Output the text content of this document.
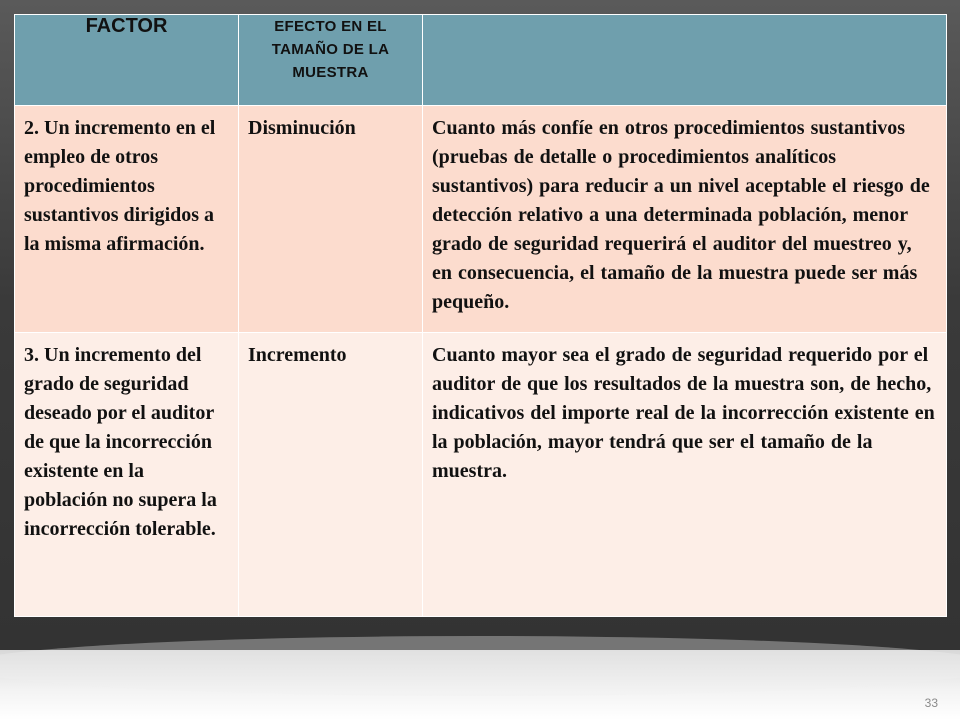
FACTOR	EFECTO EN EL
TAMAÑO DE LA
MUESTRA	

2. Un incremento en el empleo de otros procedimientos sustantivos dirigidos a la misma afirmación.	Disminución	Cuanto más confíe en otros procedimientos sustantivos (pruebas de detalle o procedimientos analíticos sustantivos) para reducir a un nivel aceptable el riesgo de detección relativo a una determinada población, menor grado de seguridad requerirá el auditor del muestreo y, en consecuencia, el tamaño de la muestra puede ser más pequeño.
3. Un incremento del grado de seguridad deseado por el auditor de que la incorrección existente en la población no supera la incorrección tolerable.	Incremento	Cuanto mayor sea el grado de seguridad requerido por el auditor de que los resultados de la muestra son, de hecho, indicativos del importe real de la incorrección existente en la población, mayor tendrá que ser el tamaño de la muestra.
33
